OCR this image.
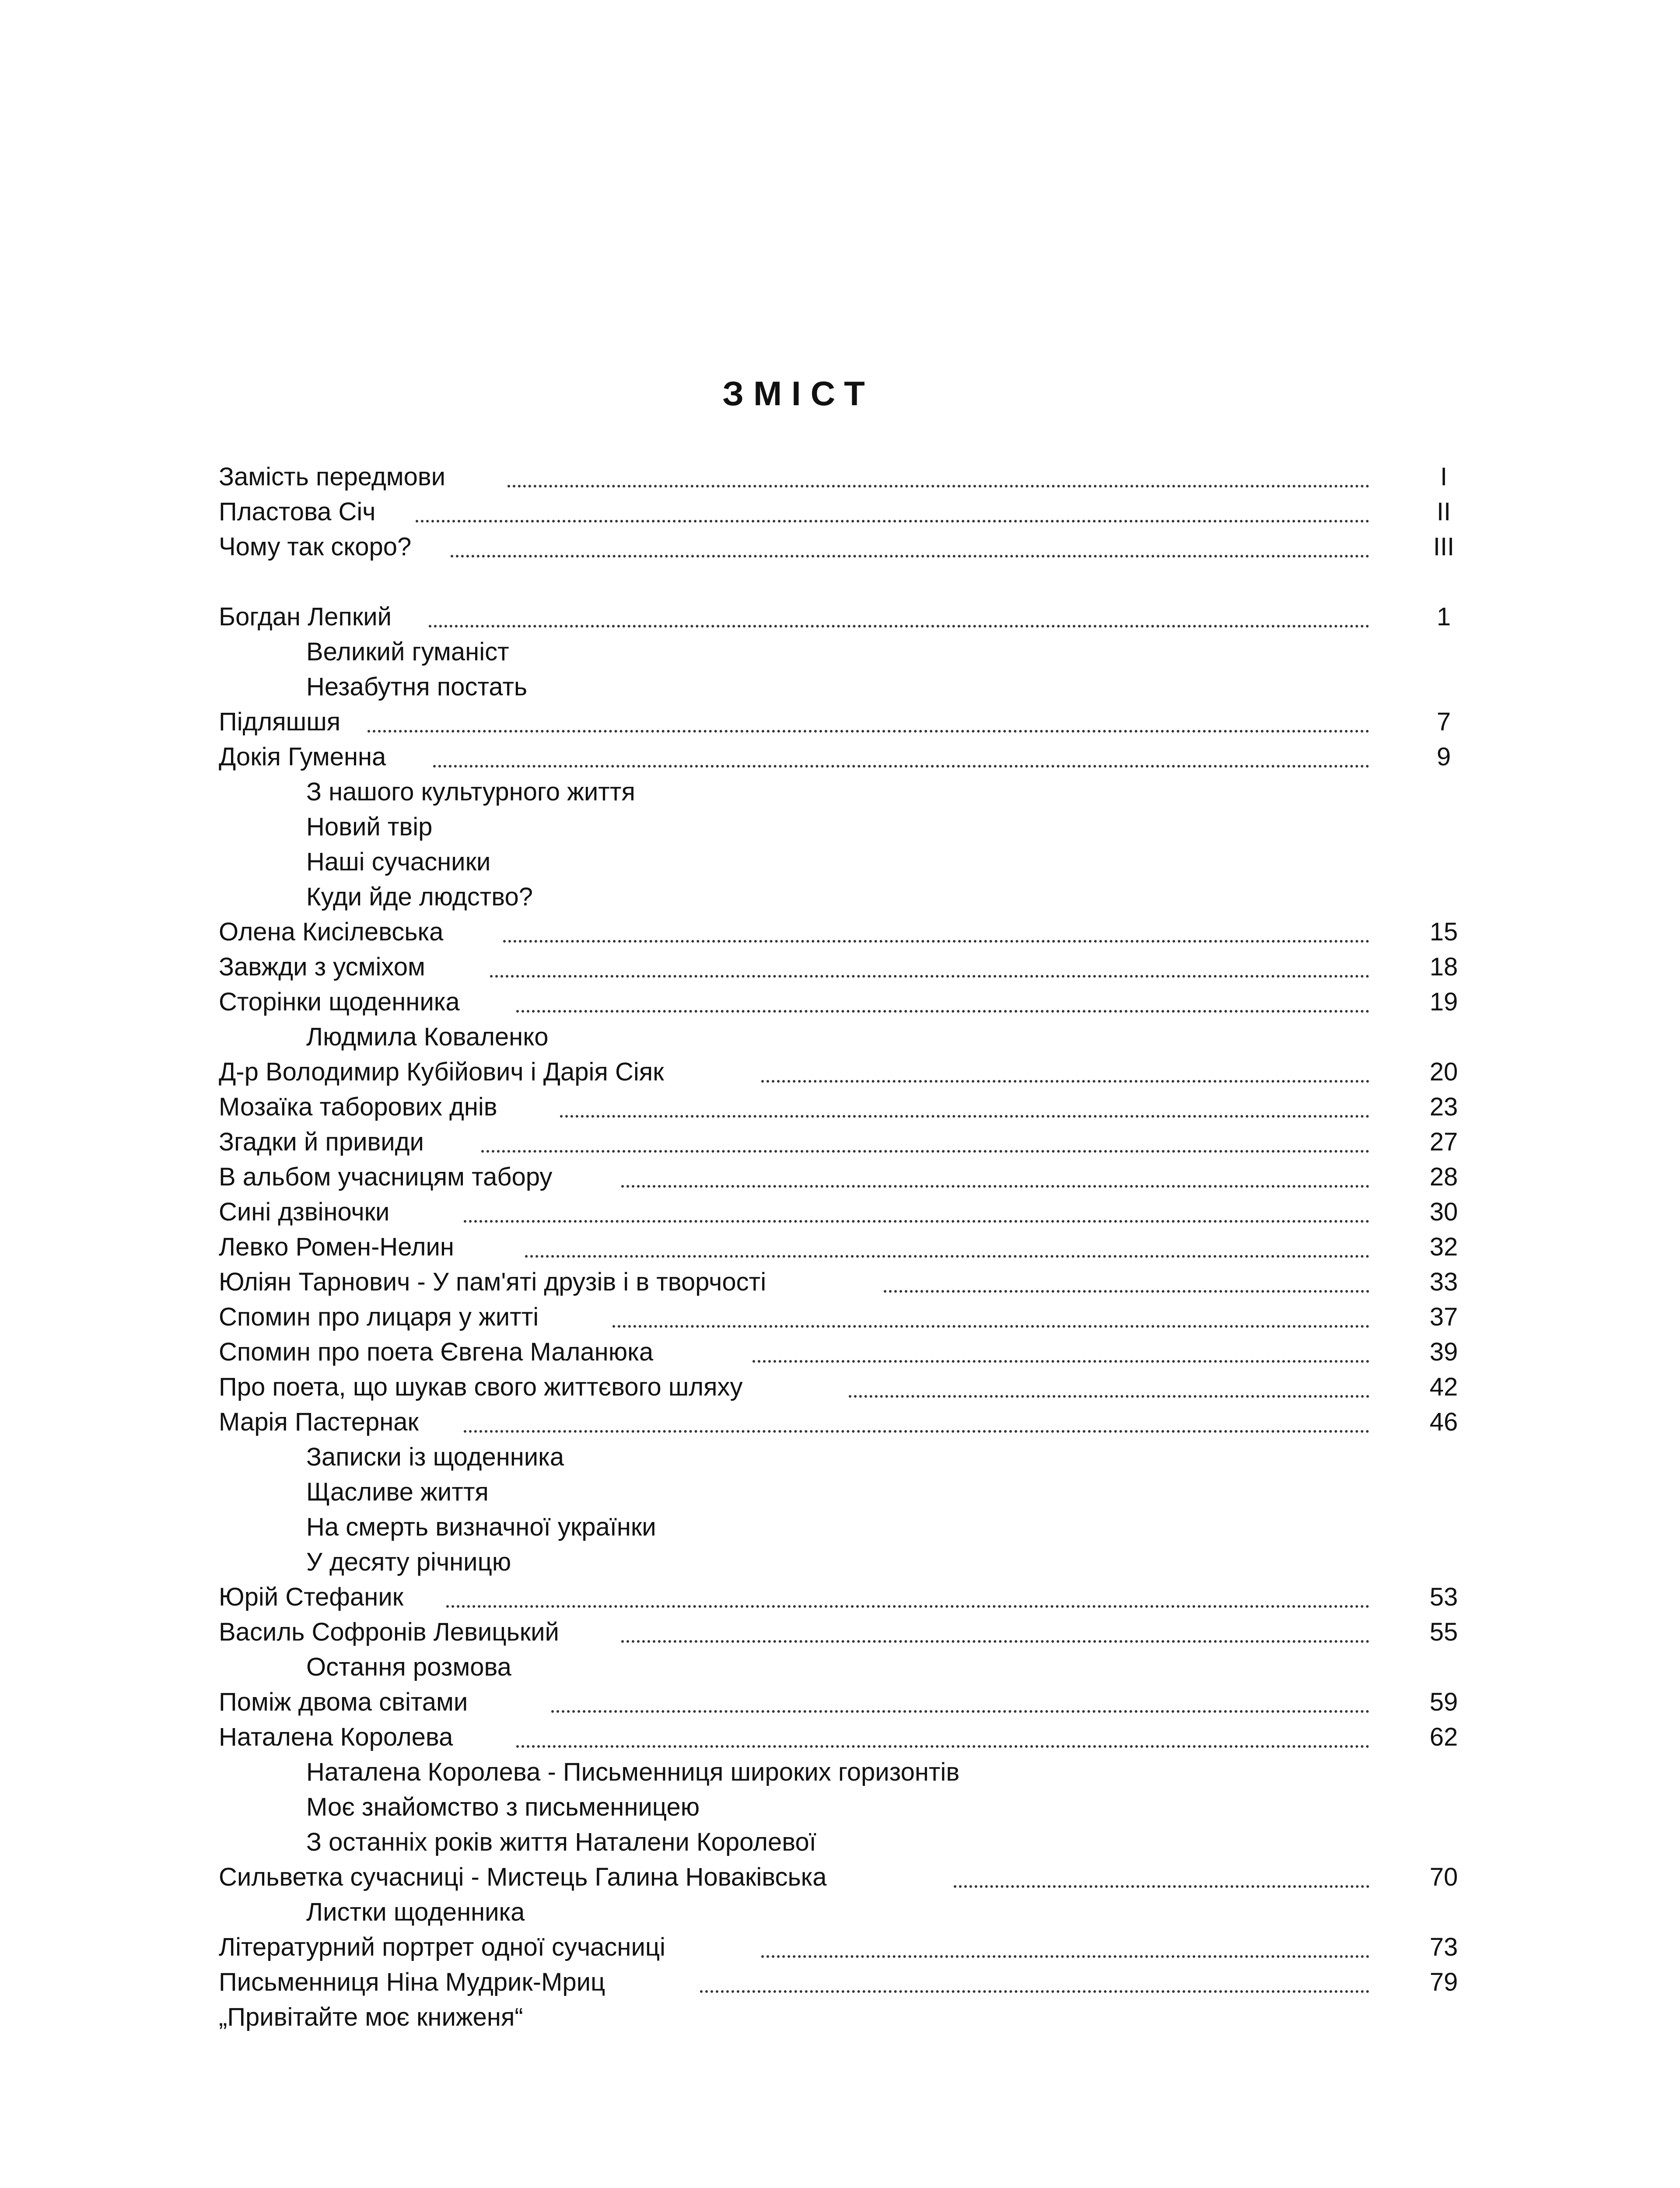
ЗМІСТ
Замість передмови	I
Пластова Січ	II
Чому так скоро?	III
Богдан Лепкий	1
Великий гуманіст
Незабутня постать
Підляшшя	7
Докія Гуменна	9
З нашого культурного життя
Новий твір
Наші сучасники
Куди йде людство?
Олена Кисілевська	15
Завжди з усміхом	18
Сторінки щоденника	19
Людмила Коваленко
Д-р Володимир Кубійович і Дарія Сіяк	20
Мозаїка таборових днів	23
Згадки й привиди	27
В альбом учасницям табору	28
Сині дзвіночки	30
Левко Ромен-Нелин	32
Юліян Тарнович - У пам'яті друзів і в творчості	33
Спомин про лицаря у житті	37
Спомин про поета Євгена Маланюка	39
Про поета, що шукав свого життєвого шляху	42
Марія Пастернак	46
Записки із щоденника
Щасливе життя
На смерть визначної українки
У десяту річницю
Юрій Стефаник	53
Василь Софронів Левицький	55
Остання розмова
Поміж двома світами	59
Наталена Королева	62
Наталена Королева - Письменниця широких горизонтів
Моє знайомство з письменницею
З останніх років життя Наталени Королевої
Сильветка сучасниці - Мистець Галина Новаківська	70
Листки щоденника
Літературний портрет одної сучасниці	73
Письменниця Ніна Мудрик-Мриц	79
„Привітайте моє книженя“
